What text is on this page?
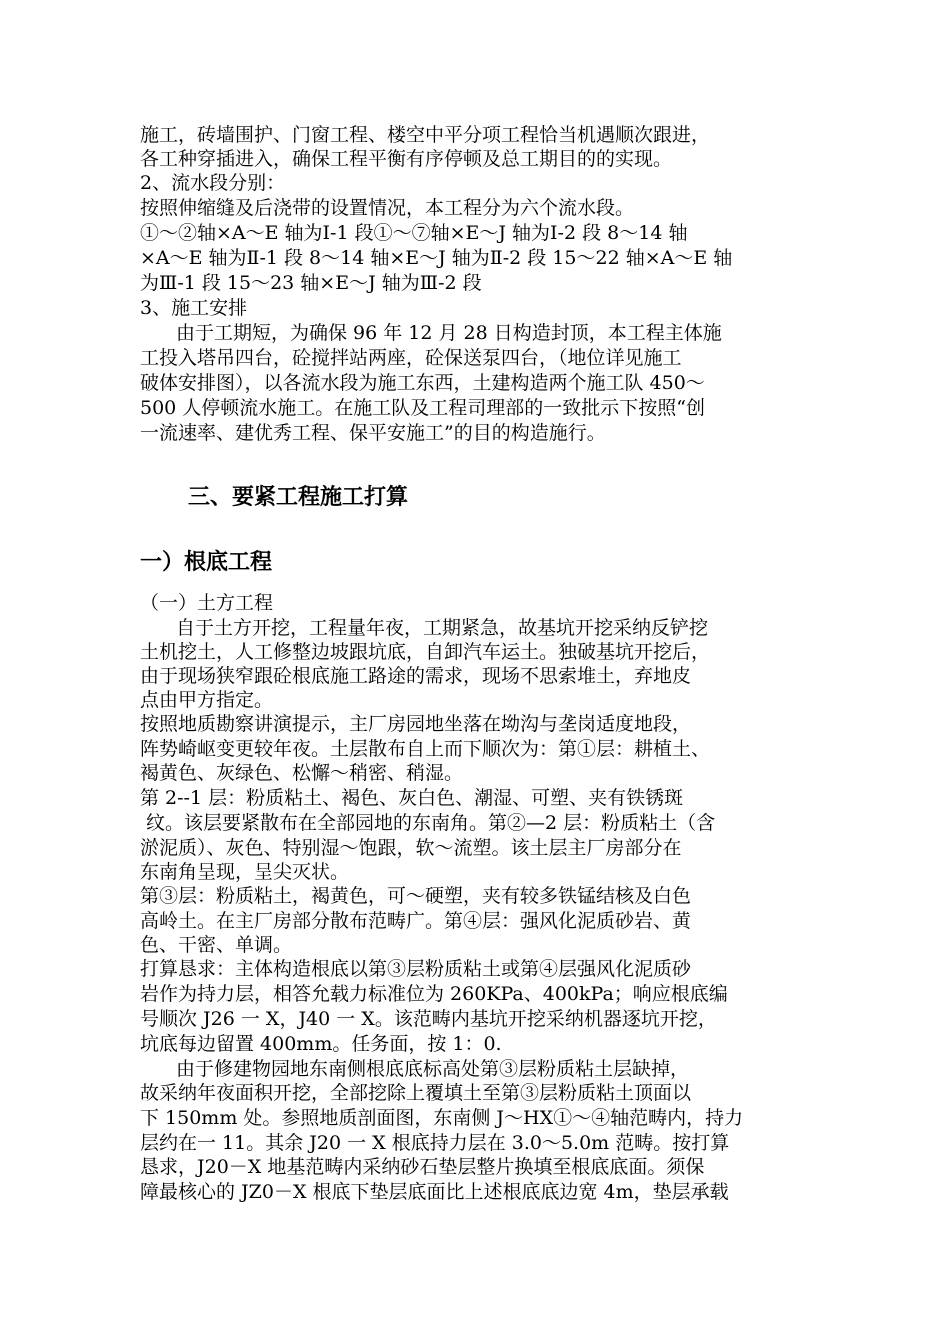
施工，砖墙围护、门窗工程、楼空中平分项工程恰当机遇顺次跟进，
各工种穿插进入，确保工程平衡有序停顿及总工期目的的实现。
2、流水段分别：
按照伸缩缝及后浇带的设置情况，本工程分为六个流水段。
①～②轴×A～E 轴为Ⅰ-1 段①～⑦轴×E～J 轴为Ⅰ-2 段 8～14 轴
×A～E 轴为Ⅱ-1 段 8～14 轴×E～J 轴为Ⅱ-2 段 15～22 轴×A～E 轴
为Ⅲ-1 段 15～23 轴×E～J 轴为Ⅲ-2 段
3、施工安排
由于工期短，为确保 96 年 12 月 28 日构造封顶，本工程主体施
工投入塔吊四台，砼搅拌站两座，砼保送泵四台，（地位详见施工
破体安排图），以各流水段为施工东西，土建构造两个施工队 450～
500 人停顿流水施工。在施工队及工程司理部的一致批示下按照“创
一流速率、建优秀工程、保平安施工”的目的构造施行。
三、要紧工程施工打算
一）根底工程
（一）土方工程
自于土方开挖，工程量年夜，工期紧急，故基坑开挖采纳反铲挖
土机挖土，人工修整边坡跟坑底，自卸汽车运土。独破基坑开挖后，
由于现场狭窄跟砼根底施工路途的需求，现场不思索堆土，弃地皮
点由甲方指定。
按照地质勘察讲演提示，主厂房园地坐落在坳沟与垄岗适度地段，
阵势崎岖变更较年夜。土层散布自上而下顺次为：第①层：耕植土、
褐黄色、灰绿色、松懈～稍密、稍湿。
第 2--1 层：粉质粘土、褐色、灰白色、潮湿、可塑、夹有铁锈斑
纹。该层要紧散布在全部园地的东南角。第②—2 层：粉质粘土（含
淤泥质）、灰色、特别湿～饱跟，软～流塑。该土层主厂房部分在
东南角呈现，呈尖灭状。
第③层：粉质粘土，褐黄色，可～硬塑，夹有较多铁锰结核及白色
高岭土。在主厂房部分散布范畴广。第④层：强风化泥质砂岩、黄
色、干密、单调。
打算恳求：主体构造根底以第③层粉质粘土或第④层强风化泥质砂
岩作为持力层，相答允载力标准位为 260KPa、400kPa；响应根底编
号顺次 J26 一 X，J40 一 X。该范畴内基坑开挖采纳机器逐坑开挖，
坑底每边留置 400mm。任务面，按 1：0.
由于修建物园地东南侧根底底标高处第③层粉质粘土层缺掉，
故采纳年夜面积开挖，全部挖除上覆填土至第③层粉质粘土顶面以
下 150mm 处。参照地质剖面图，东南侧 J～HX①～④轴范畴内，持力
层约在一 11。其余 J20 一 X 根底持力层在 3.0～5.0m 范畴。按打算
恳求，J20－X 地基范畴内采纳砂石垫层整片换填至根底底面。须保
障最核心的 JZ0－X 根底下垫层底面比上述根底底边宽 4m，垫层承载
